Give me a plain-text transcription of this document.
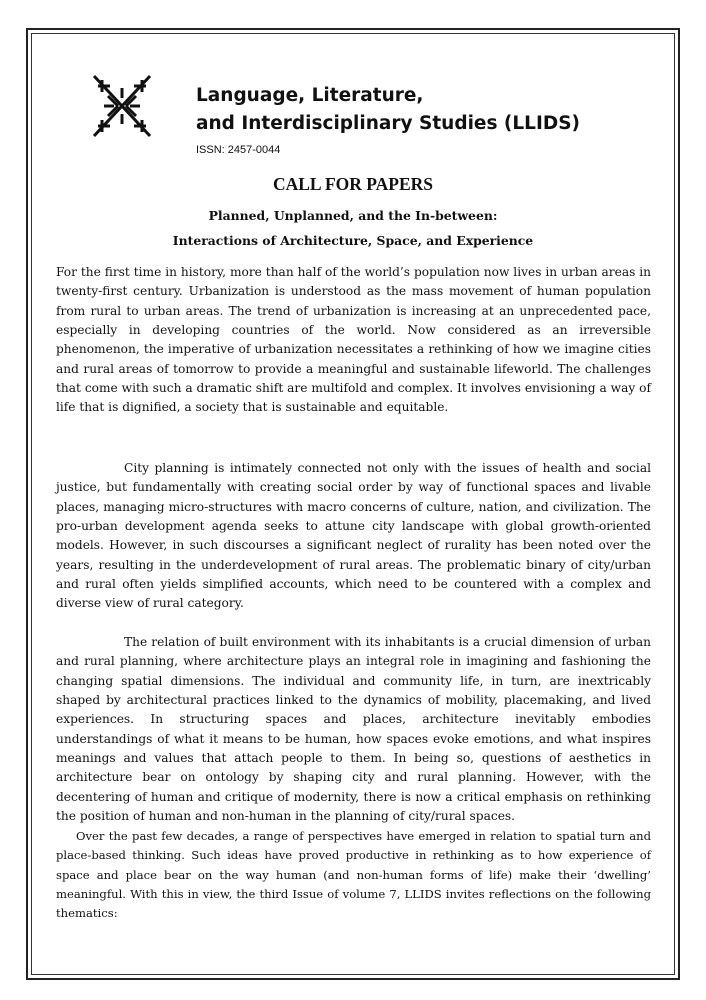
Language, Literature,
and Interdisciplinary Studies (LLIDS)
ISSN: 2457-0044
CALL FOR PAPERS
Planned, Unplanned, and the In-between:
Interactions of Architecture, Space, and Experience

For the first time in history, more than half of the world’s population now lives in urban areas in twenty-first century. Urbanization is understood as the mass movement of human population from rural to urban areas. The trend of urbanization is increasing at an unprecedented pace, especially in developing countries of the world. Now considered as an irreversible phenomenon, the imperative of urbanization necessitates a rethinking of how we imagine cities and rural areas of tomorrow to provide a meaningful and sustainable lifeworld. The challenges that come with such a dramatic shift are multifold and complex. It involves envisioning a way of life that is dignified, a society that is sustainable and equitable.

City planning is intimately connected not only with the issues of health and social justice, but fundamentally with creating social order by way of functional spaces and livable places, managing micro-structures with macro concerns of culture, nation, and civilization. The pro-urban development agenda seeks to attune city landscape with global growth-oriented models. However, in such discourses a significant neglect of rurality has been noted over the years, resulting in the underdevelopment of rural areas. The problematic binary of city/urban and rural often yields simplified accounts, which need to be countered with a complex and diverse view of rural category.

The relation of built environment with its inhabitants is a crucial dimension of urban and rural planning, where architecture plays an integral role in imagining and fashioning the changing spatial dimensions. The individual and community life, in turn, are inextricably shaped by architectural practices linked to the dynamics of mobility, placemaking, and lived experiences. In structuring spaces and places, architecture inevitably embodies understandings of what it means to be human, how spaces evoke emotions, and what inspires meanings and values that attach people to them. In being so, questions of aesthetics in architecture bear on ontology by shaping city and rural planning. However, with the decentering of human and critique of modernity, there is now a critical emphasis on rethinking the position of human and non-human in the planning of city/rural spaces.

Over the past few decades, a range of perspectives have emerged in relation to spatial turn and place-based thinking. Such ideas have proved productive in rethinking as to how experience of space and place bear on the way human (and non-human forms of life) make their ‘dwelling’ meaningful. With this in view, the third Issue of volume 7, LLIDS invites reflections on the following thematics:
